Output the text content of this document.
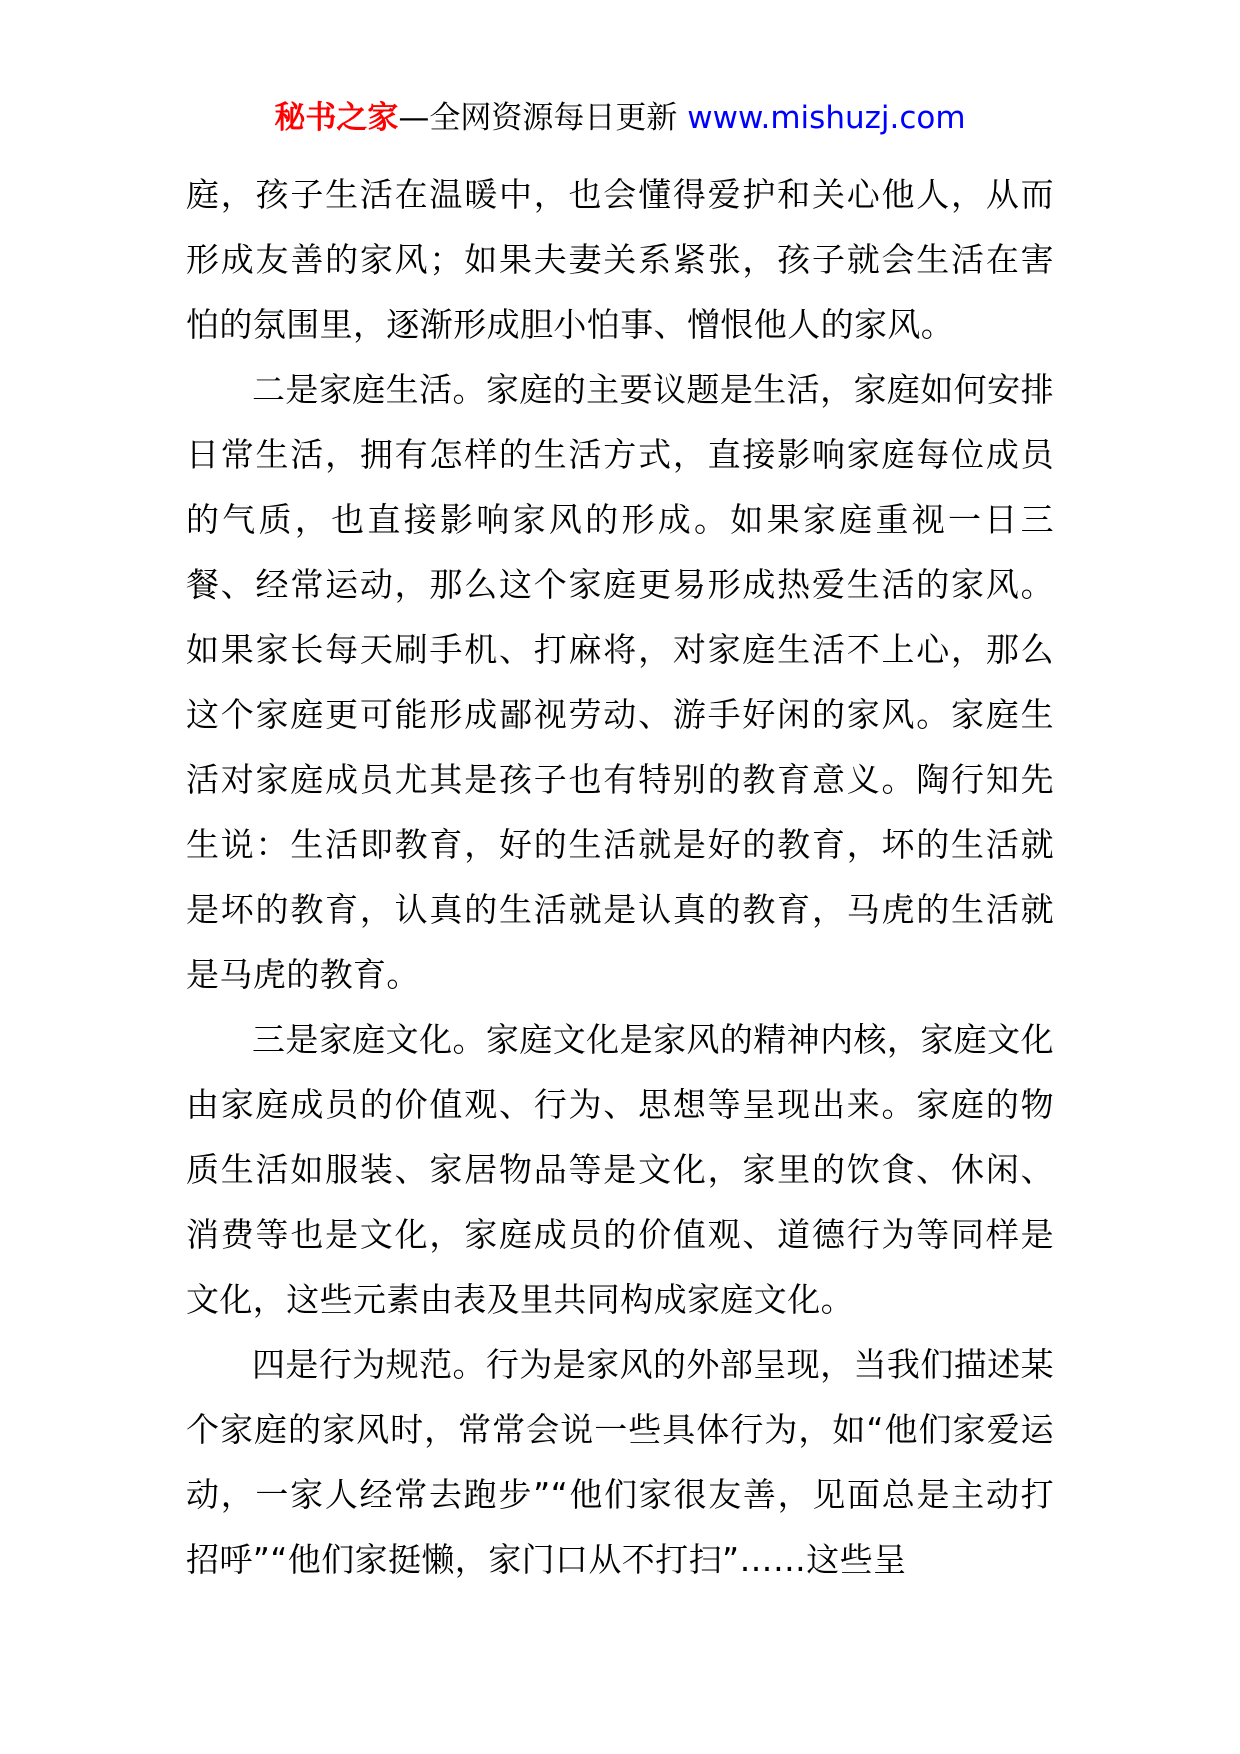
秘书之家—全网资源每日更新 www.mishuzj.com

庭，孩子生活在温暖中，也会懂得爱护和关心他人，从而形成友善的家风；如果夫妻关系紧张，孩子就会生活在害怕的氛围里，逐渐形成胆小怕事、憎恨他人的家风。

二是家庭生活。家庭的主要议题是生活，家庭如何安排日常生活，拥有怎样的生活方式，直接影响家庭每位成员的气质，也直接影响家风的形成。如果家庭重视一日三餐、经常运动，那么这个家庭更易形成热爱生活的家风。如果家长每天刷手机、打麻将，对家庭生活不上心，那么这个家庭更可能形成鄙视劳动、游手好闲的家风。家庭生活对家庭成员尤其是孩子也有特别的教育意义。陶行知先生说：生活即教育，好的生活就是好的教育，坏的生活就是坏的教育，认真的生活就是认真的教育，马虎的生活就是马虎的教育。

三是家庭文化。家庭文化是家风的精神内核，家庭文化由家庭成员的价值观、行为、思想等呈现出来。家庭的物质生活如服装、家居物品等是文化，家里的饮食、休闲、消费等也是文化，家庭成员的价值观、道德行为等同样是文化，这些元素由表及里共同构成家庭文化。

四是行为规范。行为是家风的外部呈现，当我们描述某个家庭的家风时，常常会说一些具体行为，如“他们家爱运动，一家人经常去跑步”“他们家很友善，见面总是主动打招呼”“他们家挺懒，家门口从不打扫”……这些呈
